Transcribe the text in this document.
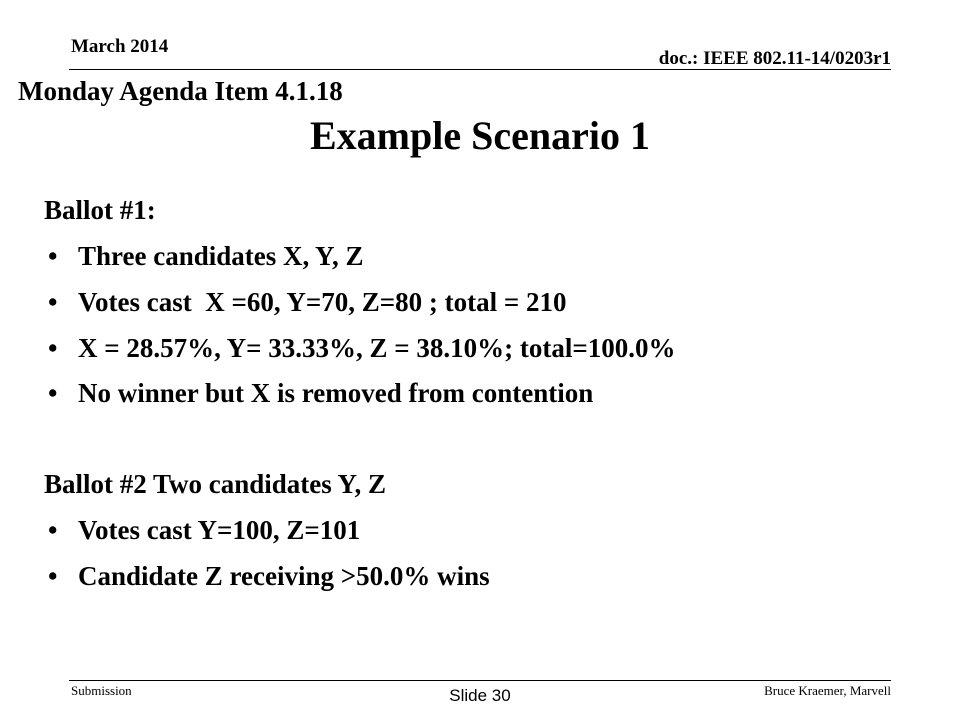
March 2014
doc.: IEEE 802.11-14/0203r1
Monday Agenda Item 4.1.18
Example Scenario 1
Ballot #1:
• Three candidates X, Y, Z
• Votes cast  X =60, Y=70, Z=80 ; total = 210
• X = 28.57%, Y= 33.33%, Z = 38.10%; total=100.0%
• No winner but X is removed from contention
Ballot #2 Two candidates Y, Z
• Votes cast Y=100, Z=101
• Candidate Z receiving >50.0% wins
Submission	Slide 30	Bruce Kraemer, Marvell
